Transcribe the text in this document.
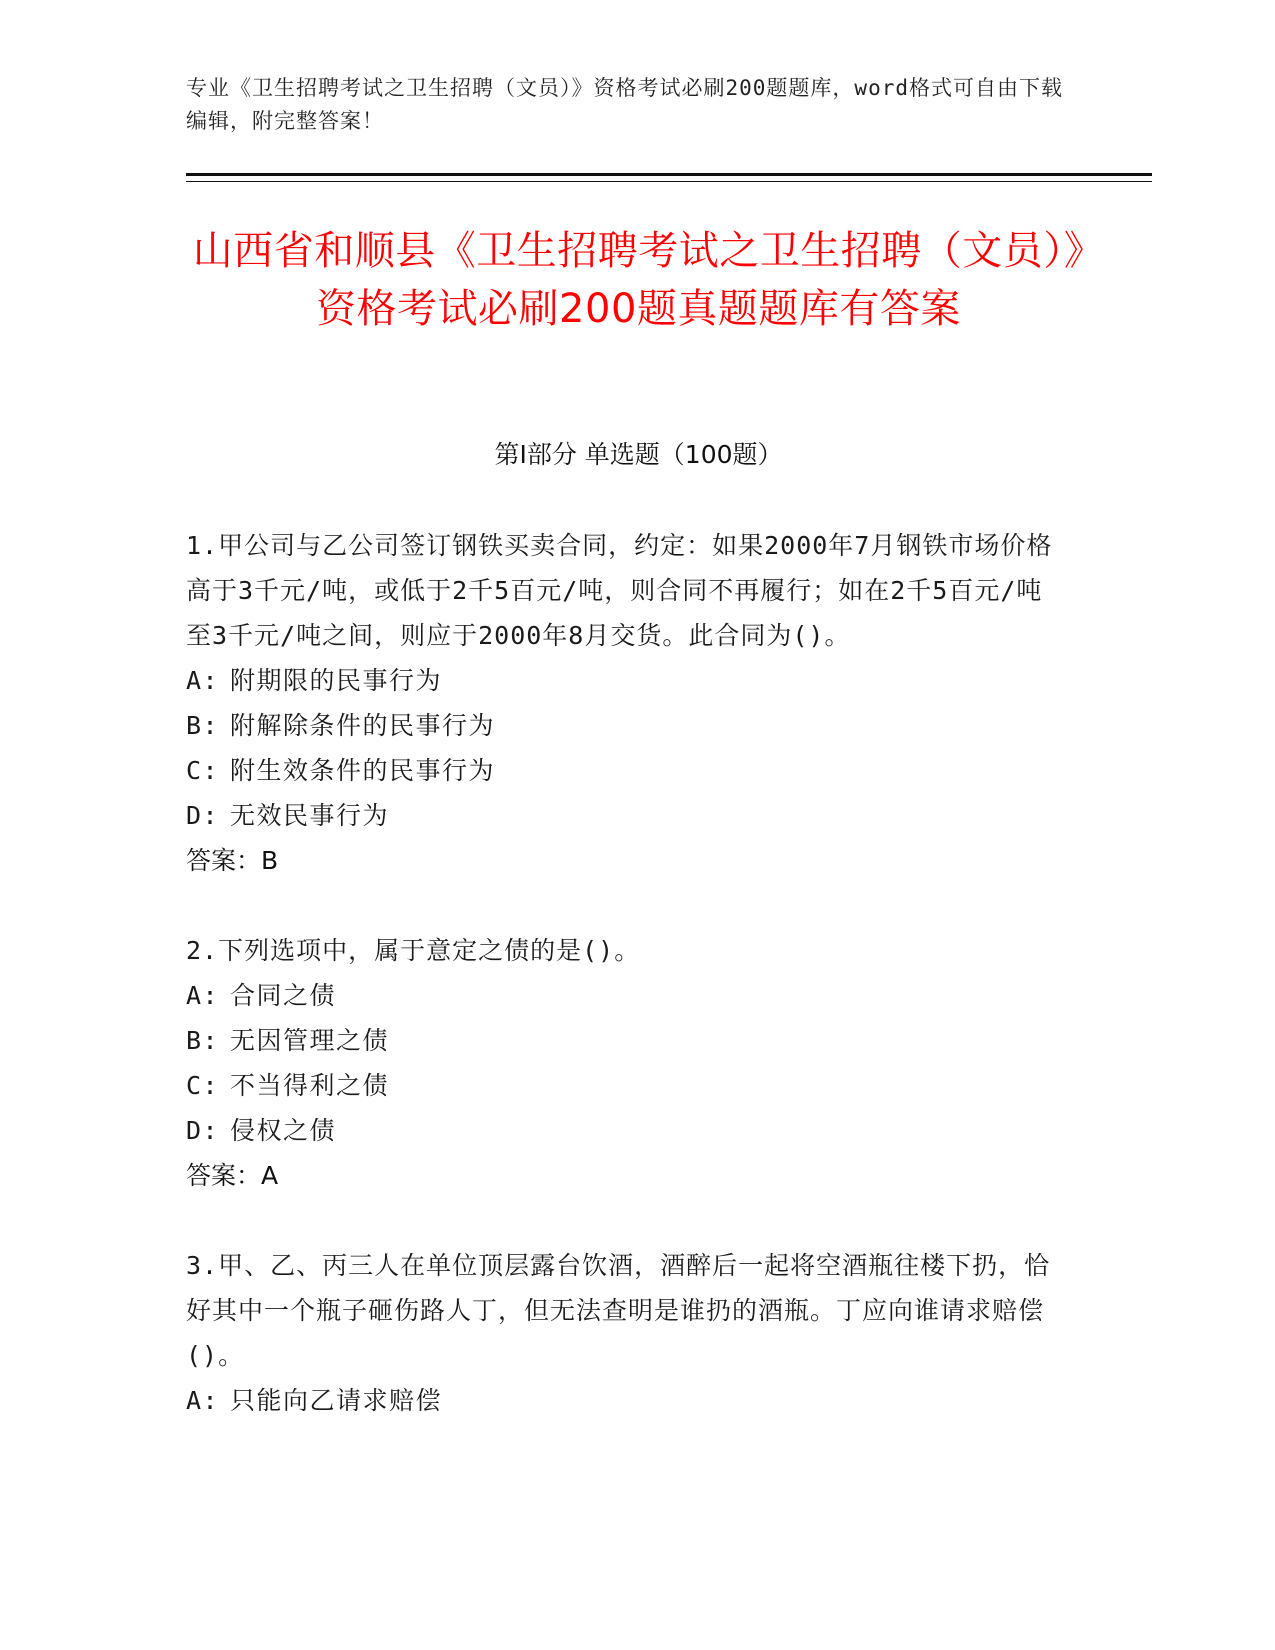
专业《卫生招聘考试之卫生招聘（文员）》资格考试必刷200题题库，word格式可自由下载编辑，附完整答案！
山西省和顺县《卫生招聘考试之卫生招聘（文员）》资格考试必刷200题真题题库有答案
第I部分 单选题（100题）

1.甲公司与乙公司签订钢铁买卖合同，约定：如果2000年7月钢铁市场价格高于3千元/吨，或低于2千5百元/吨，则合同不再履行；如在2千5百元/吨至3千元/吨之间，则应于2000年8月交货。此合同为()。

A: 附期限的民事行为
B: 附解除条件的民事行为
C: 附生效条件的民事行为
D: 无效民事行为
答案：B

2.下列选项中，属于意定之债的是()。

A: 合同之债
B: 无因管理之债
C: 不当得利之债
D: 侵权之债
答案：A

3.甲、乙、丙三人在单位顶层露台饮酒，酒醉后一起将空酒瓶往楼下扔，恰好其中一个瓶子砸伤路人丁，但无法查明是谁扔的酒瓶。丁应向谁请求赔偿()。

A: 只能向乙请求赔偿
